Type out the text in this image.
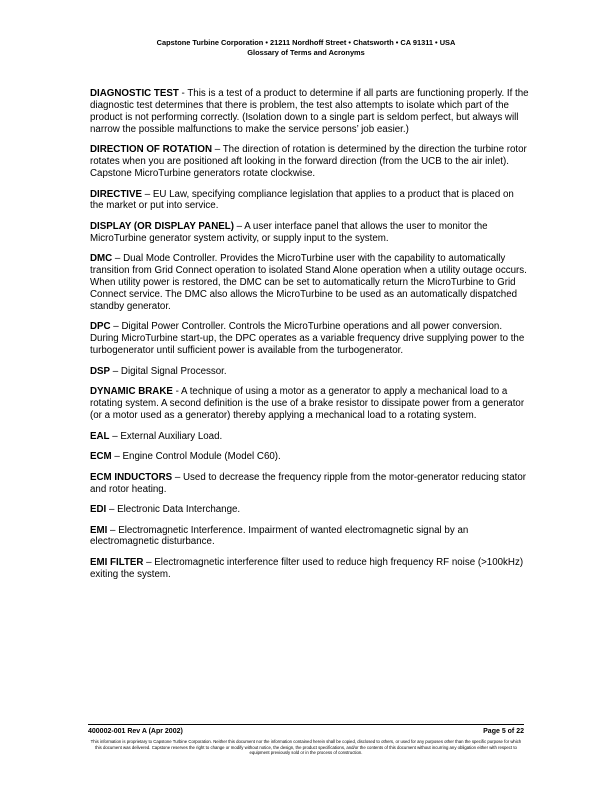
Capstone Turbine Corporation • 21211 Nordhoff Street • Chatsworth • CA 91311 • USA
Glossary of Terms and Acronyms

DIAGNOSTIC TEST - This is a test of a product to determine if all parts are functioning properly. If the diagnostic test determines that there is problem, the test also attempts to isolate which part of the product is not performing correctly. (Isolation down to a single part is seldom perfect, but always will narrow the possible malfunctions to make the service persons’ job easier.)

DIRECTION OF ROTATION – The direction of rotation is determined by the direction the turbine rotor rotates when you are positioned aft looking in the forward direction (from the UCB to the air inlet). Capstone MicroTurbine generators rotate clockwise.

DIRECTIVE – EU Law, specifying compliance legislation that applies to a product that is placed on the market or put into service.

DISPLAY (OR DISPLAY PANEL) – A user interface panel that allows the user to monitor the MicroTurbine generator system activity, or supply input to the system.

DMC – Dual Mode Controller. Provides the MicroTurbine user with the capability to automatically transition from Grid Connect operation to isolated Stand Alone operation when a utility outage occurs. When utility power is restored, the DMC can be set to automatically return the MicroTurbine to Grid Connect service. The DMC also allows the MicroTurbine to be used as an automatically dispatched standby generator.

DPC – Digital Power Controller. Controls the MicroTurbine operations and all power conversion. During MicroTurbine start-up, the DPC operates as a variable frequency drive supplying power to the turbogenerator until sufficient power is available from the turbogenerator.

DSP – Digital Signal Processor.

DYNAMIC BRAKE - A technique of using a motor as a generator to apply a mechanical load to a rotating system. A second definition is the use of a brake resistor to dissipate power from a generator (or a motor used as a generator) thereby applying a mechanical load to a rotating system.

EAL – External Auxiliary Load.

ECM – Engine Control Module (Model C60).

ECM INDUCTORS – Used to decrease the frequency ripple from the motor-generator reducing stator and rotor heating.

EDI – Electronic Data Interchange.

EMI – Electromagnetic Interference. Impairment of wanted electromagnetic signal by an electromagnetic disturbance.

EMI FILTER – Electromagnetic interference filter used to reduce high frequency RF noise (>100kHz) exiting the system.

400002-001 Rev A (Apr 2002)	Page 5 of 22
This information is proprietary to Capstone Turbine Corporation. Neither this document nor the information contained herein shall be copied, disclosed to others, or used for any purposes other than the specific purpose for which this document was delivered. Capstone reserves the right to change or modify without notice, the design, the product specifications, and/or the contents of this document without incurring any obligation either with respect to equipment previously sold or in the process of construction.
